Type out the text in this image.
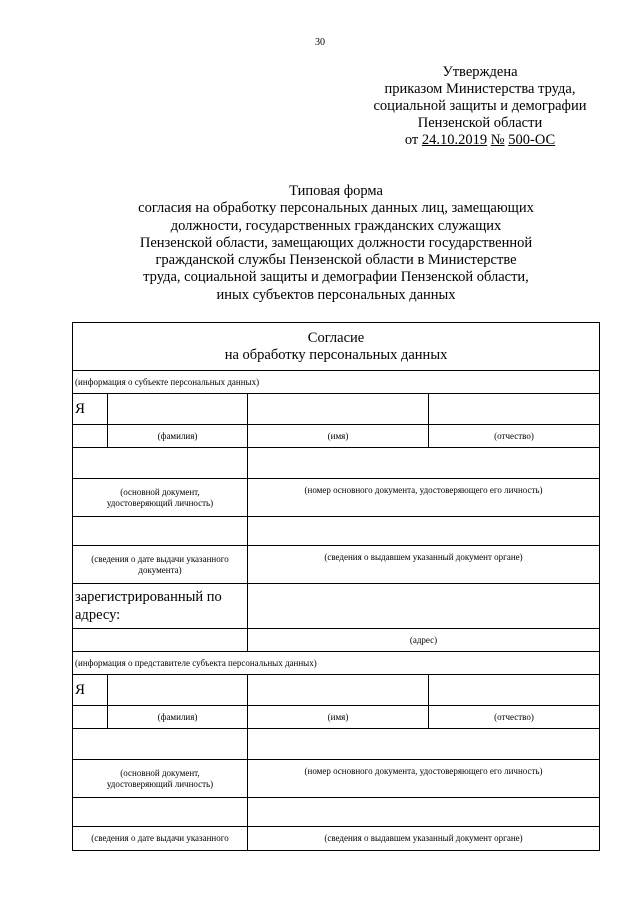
30
Утверждена
приказом Министерства труда,
социальной защиты и демографии
Пензенской области
от 24.10.2019 № 500-ОС
Типовая форма
согласия на обработку персональных данных лиц, замещающих
должности, государственных гражданских служащих
Пензенской области, замещающих должности государственной
гражданской службы Пензенской области в Министерстве
труда, социальной защиты и демографии Пензенской области,
иных субъектов персональных данных
Согласие
на обработку персональных данных			

(информация о субъекте персональных данных)			
Я			
	(фамилия)	(имя)	(отчество)

(основной документ,
удостоверяющий личность)		(номер основного документа, удостоверяющего его личность)	

(сведения о дате выдачи указанного
документа)		(сведения о выдавшем указанный документ органе)	

зарегистрированный по
адресу:			

		(адрес)	
(информация о представителе субъекта персональных данных)			
Я			
	(фамилия)	(имя)	(отчество)

(основной документ,
удостоверяющий личность)		(номер основного документа, удостоверяющего его личность)	

(сведения о дате выдачи указанного		(сведения о выдавшем указанный документ органе)	
